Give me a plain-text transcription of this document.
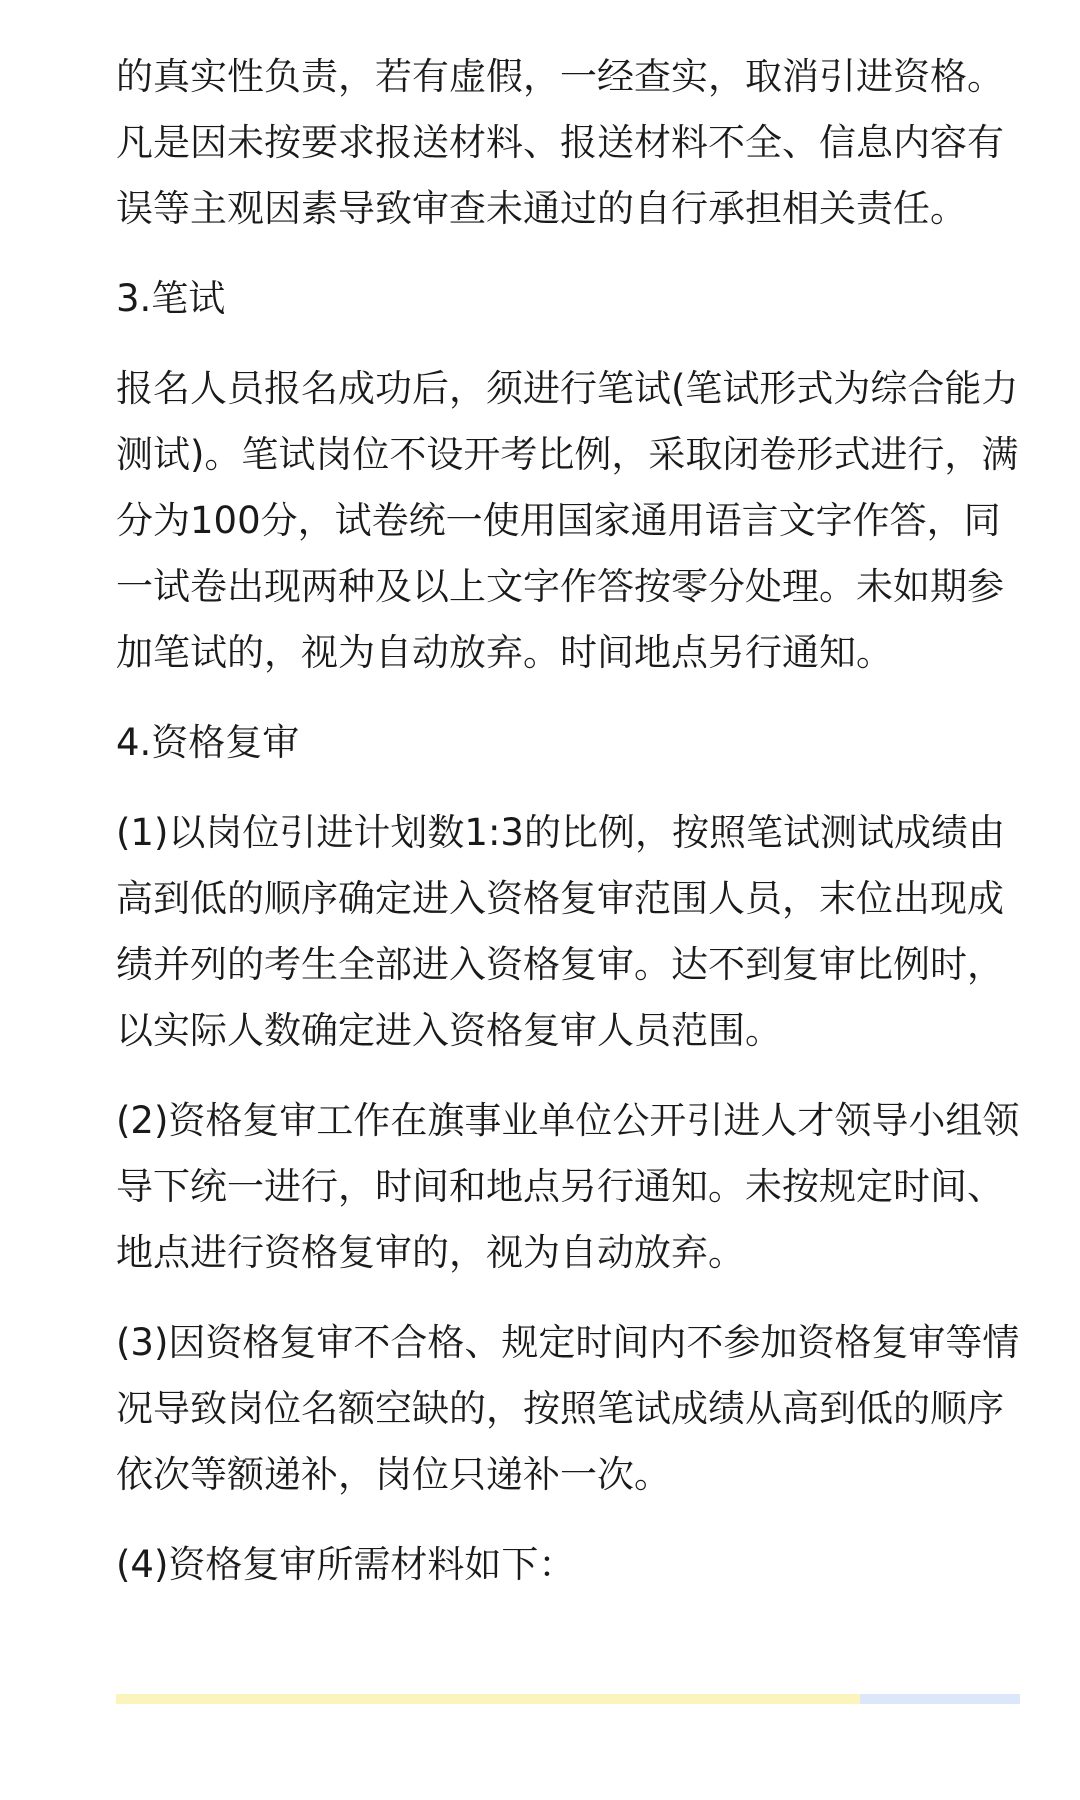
的真实性负责，若有虚假，一经查实，取消引进资格。
凡是因未按要求报送材料、报送材料不全、信息内容有
误等主观因素导致审查未通过的自行承担相关责任。

3.笔试

报名人员报名成功后，须进行笔试(笔试形式为综合能力
测试)。笔试岗位不设开考比例，采取闭卷形式进行，满
分为100分，试卷统一使用国家通用语言文字作答，同
一试卷出现两种及以上文字作答按零分处理。未如期参
加笔试的，视为自动放弃。时间地点另行通知。

4.资格复审

(1)以岗位引进计划数1:3的比例，按照笔试测试成绩由
高到低的顺序确定进入资格复审范围人员，末位出现成
绩并列的考生全部进入资格复审。达不到复审比例时，
以实际人数确定进入资格复审人员范围。

(2)资格复审工作在旗事业单位公开引进人才领导小组领
导下统一进行，时间和地点另行通知。未按规定时间、
地点进行资格复审的，视为自动放弃。

(3)因资格复审不合格、规定时间内不参加资格复审等情
况导致岗位名额空缺的，按照笔试成绩从高到低的顺序
依次等额递补，岗位只递补一次。

(4)资格复审所需材料如下：
